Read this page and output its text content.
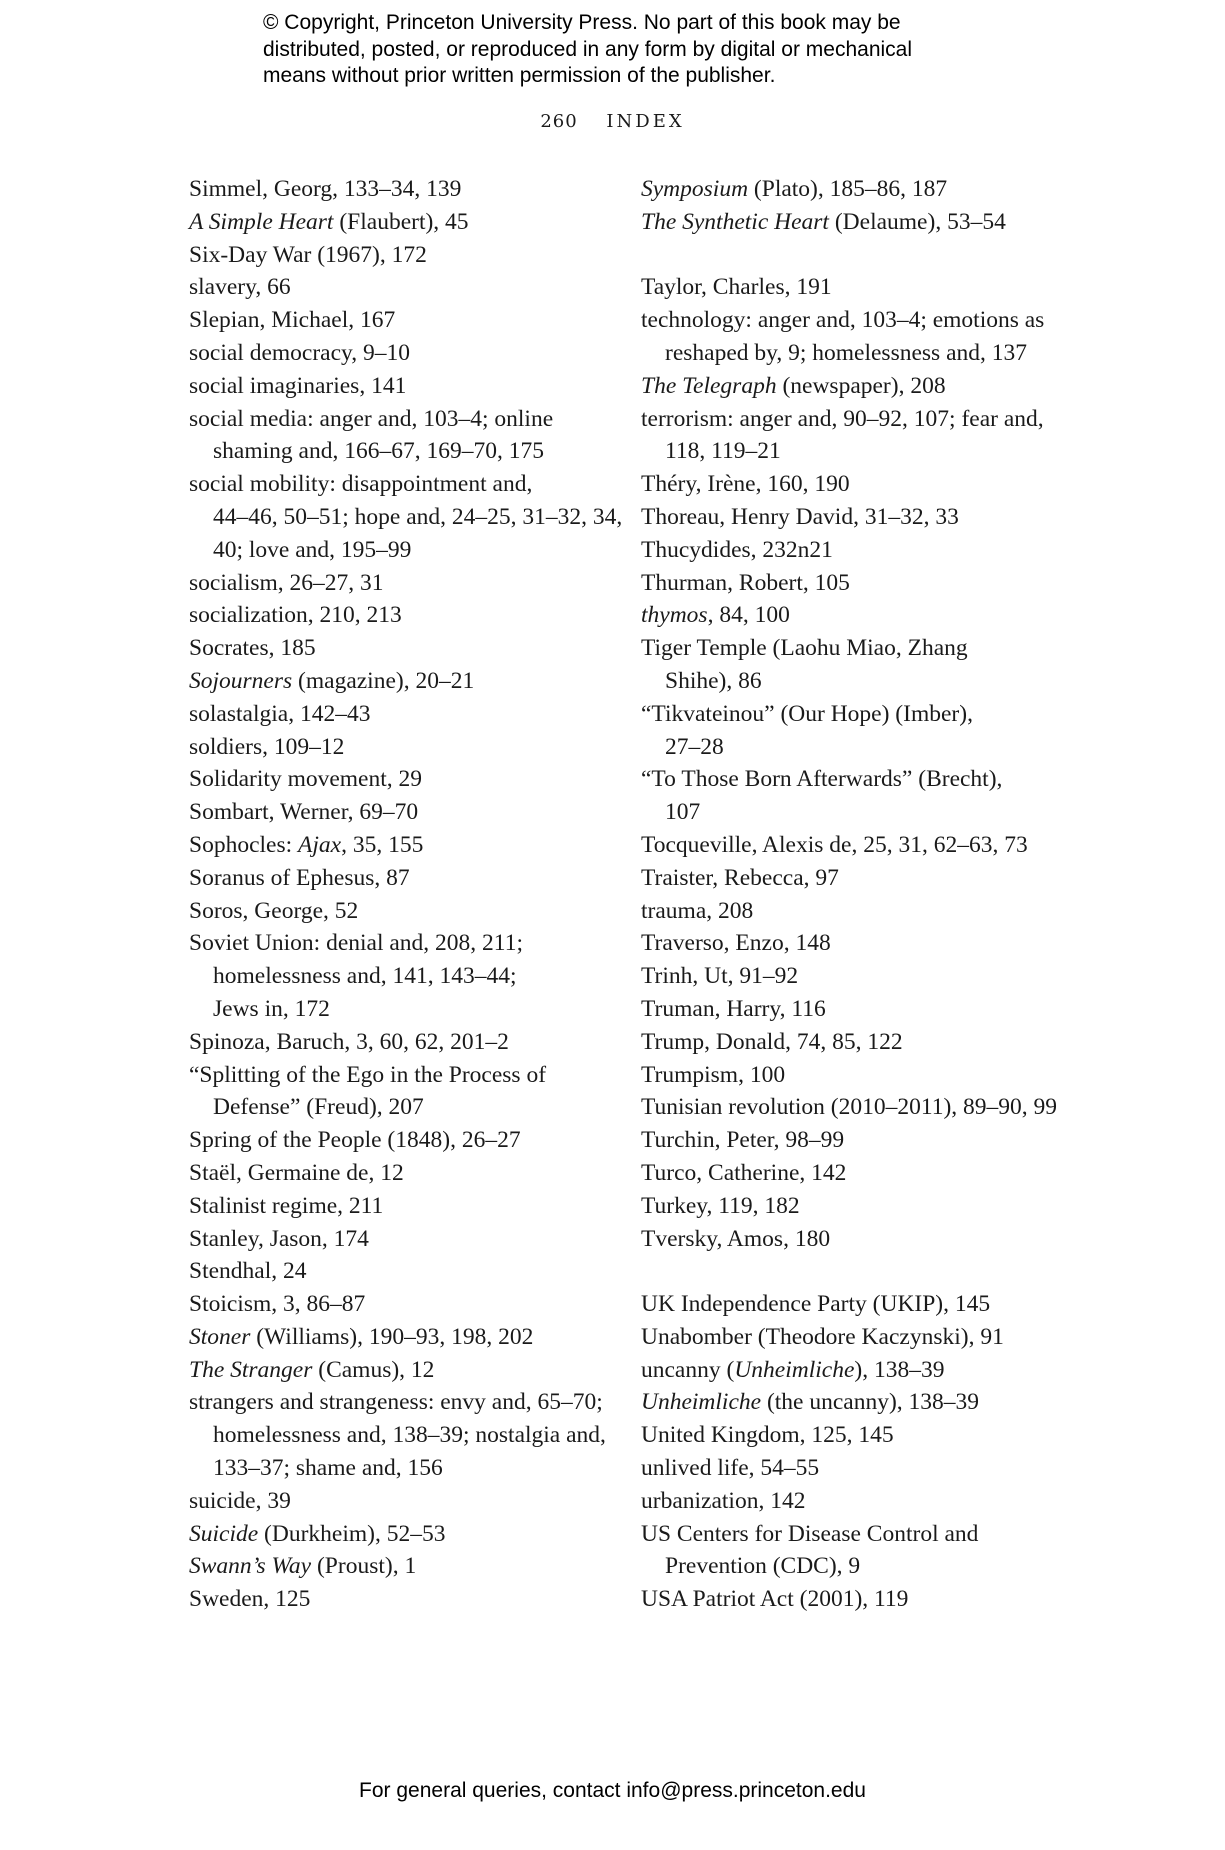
© Copyright, Princeton University Press. No part of this book may be
distributed, posted, or reproduced in any form by digital or mechanical
means without prior written permission of the publisher.
260 INDEX
Simmel, Georg, 133–34, 139
A Simple Heart (Flaubert), 45
Six-Day War (1967), 172
slavery, 66
Slepian, Michael, 167
social democracy, 9–10
social imaginaries, 141
social media: anger and, 103–4; online
shaming and, 166–67, 169–70, 175
social mobility: disappointment and,
44–46, 50–51; hope and, 24–25, 31–32, 34,
40; love and, 195–99
socialism, 26–27, 31
socialization, 210, 213
Socrates, 185
Sojourners (magazine), 20–21
solastalgia, 142–43
soldiers, 109–12
Solidarity movement, 29
Sombart, Werner, 69–70
Sophocles: Ajax, 35, 155
Soranus of Ephesus, 87
Soros, George, 52
Soviet Union: denial and, 208, 211;
homelessness and, 141, 143–44;
Jews in, 172
Spinoza, Baruch, 3, 60, 62, 201–2
“Splitting of the Ego in the Process of
Defense” (Freud), 207
Spring of the People (1848), 26–27
Staël, Germaine de, 12
Stalinist regime, 211
Stanley, Jason, 174
Stendhal, 24
Stoicism, 3, 86–87
Stoner (Williams), 190–93, 198, 202
The Stranger (Camus), 12
strangers and strangeness: envy and, 65–70;
homelessness and, 138–39; nostalgia and,
133–37; shame and, 156
suicide, 39
Suicide (Durkheim), 52–53
Swann’s Way (Proust), 1
Sweden, 125
Symposium (Plato), 185–86, 187
The Synthetic Heart (Delaume), 53–54
Taylor, Charles, 191
technology: anger and, 103–4; emotions as
reshaped by, 9; homelessness and, 137
The Telegraph (newspaper), 208
terrorism: anger and, 90–92, 107; fear and,
118, 119–21
Théry, Irène, 160, 190
Thoreau, Henry David, 31–32, 33
Thucydides, 232n21
Thurman, Robert, 105
thymos, 84, 100
Tiger Temple (Laohu Miao, Zhang
Shihe), 86
“Tikvateinou” (Our Hope) (Imber),
27–28
“To Those Born Afterwards” (Brecht),
107
Tocqueville, Alexis de, 25, 31, 62–63, 73
Traister, Rebecca, 97
trauma, 208
Traverso, Enzo, 148
Trinh, Ut, 91–92
Truman, Harry, 116
Trump, Donald, 74, 85, 122
Trumpism, 100
Tunisian revolution (2010–2011), 89–90, 99
Turchin, Peter, 98–99
Turco, Catherine, 142
Turkey, 119, 182
Tversky, Amos, 180
UK Independence Party (UKIP), 145
Unabomber (Theodore Kaczynski), 91
uncanny (Unheimliche), 138–39
Unheimliche (the uncanny), 138–39
United Kingdom, 125, 145
unlived life, 54–55
urbanization, 142
US Centers for Disease Control and
Prevention (CDC), 9
USA Patriot Act (2001), 119
For general queries, contact info@press.princeton.edu
